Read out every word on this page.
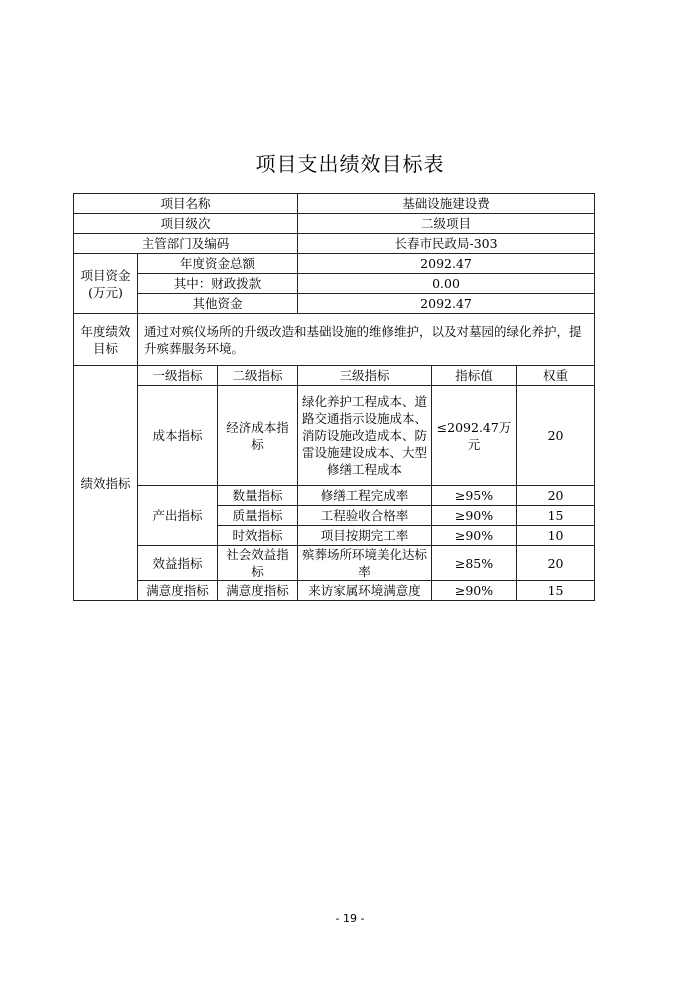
项目支出绩效目标表
项目名称			基础设施建设费		
项目级次			二级项目		
主管部门及编码			长春市民政局-303		
项目资金(万元)	年度资金总额		2092.47		
	其中：财政拨款		0.00		
	其他资金		2092.47		
年度绩效目标	通过对殡仪场所的升级改造和基础设施的维修维护，以及对墓园的绿化养护，提升殡葬服务环境。				
绩效指标	一级指标	二级指标	三级指标	指标值	权重
	成本指标	经济成本指标	绿化养护工程成本、道路交通指示设施成本、消防设施改造成本、防雷设施建设成本、大型修缮工程成本	≤2092.47万元	20
	产出指标	数量指标	修缮工程完成率	≥95%	20
		质量指标	工程验收合格率	≥90%	15
		时效指标	项目按期完工率	≥90%	10
	效益指标	社会效益指标	殡葬场所环境美化达标率	≥85%	20
	满意度指标	满意度指标	来访家属环境满意度	≥90%	15
- 19 -
